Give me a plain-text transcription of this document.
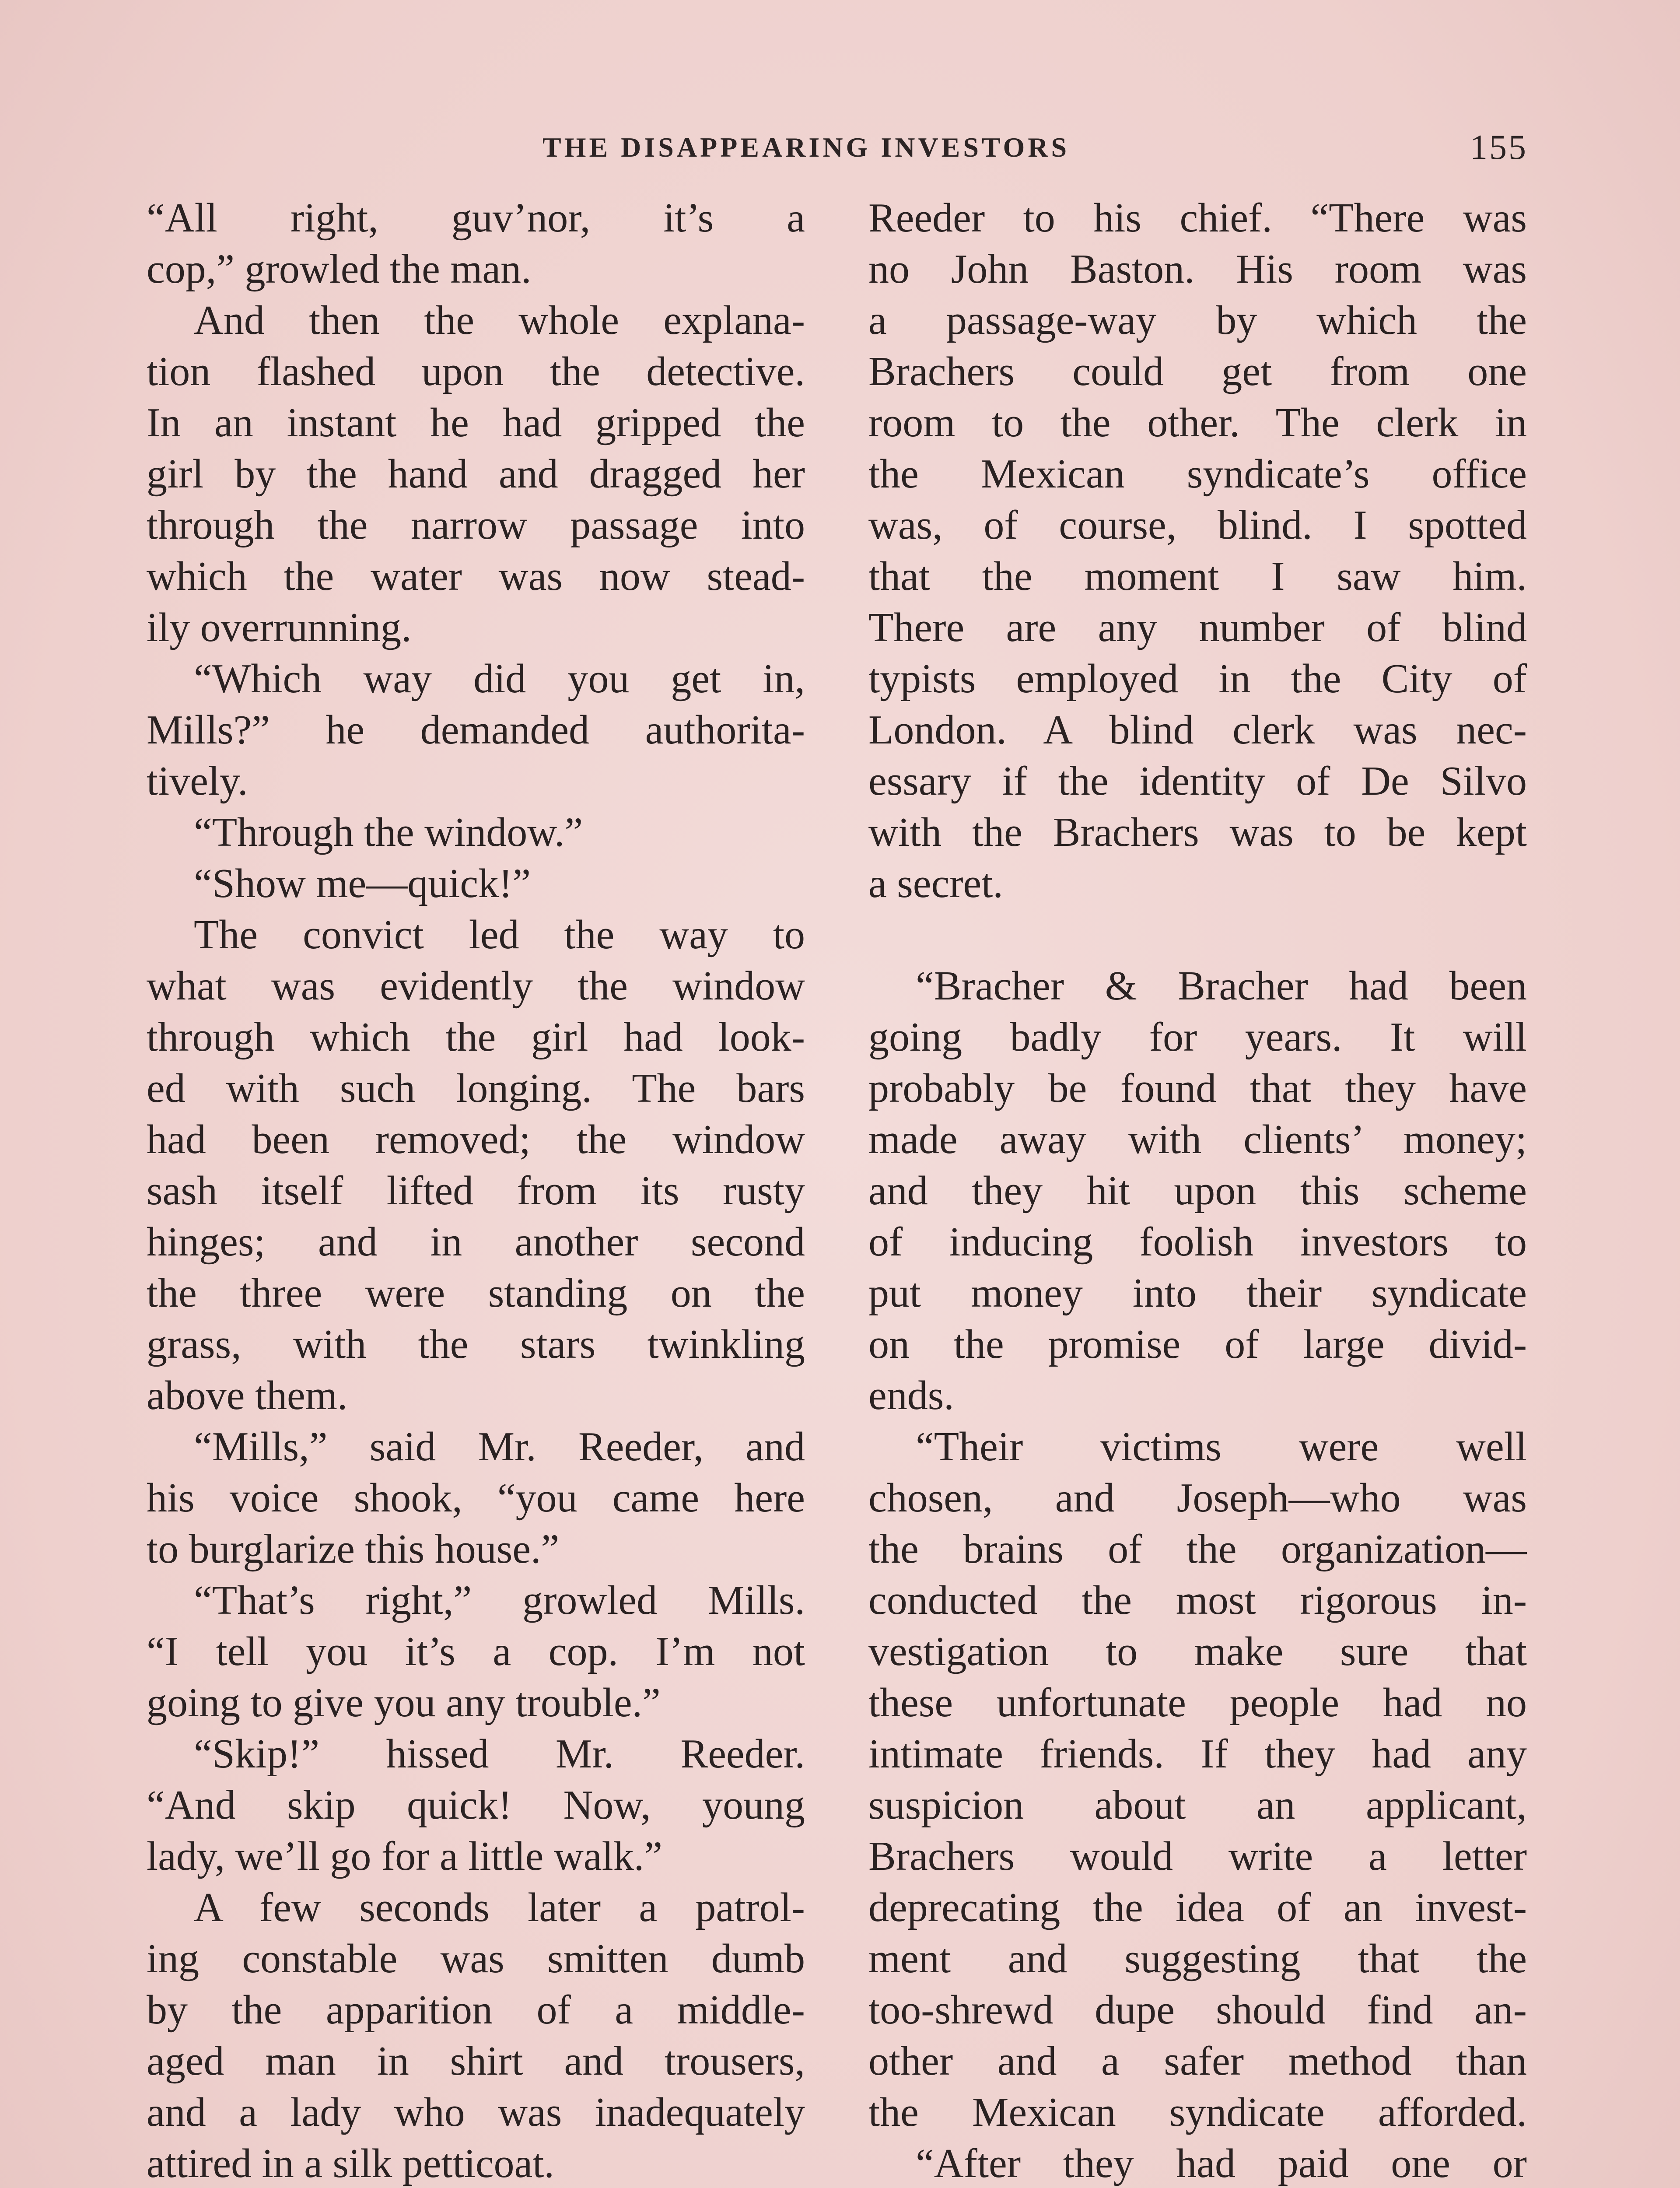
THE DISAPPEARING INVESTORS	155
“All right, guv’nor, it’s a
cop,” growled the man.
And then the whole explana-
tion flashed upon the detective.
In an instant he had gripped the
girl by the hand and dragged her
through the narrow passage into
which the water was now stead-
ily overrunning.
“Which way did you get in,
Mills?” he demanded authorita-
tively.
“Through the window.”
“Show me—quick!”
The convict led the way to
what was evidently the window
through which the girl had look-
ed with such longing. The bars
had been removed; the window
sash itself lifted from its rusty
hinges; and in another second
the three were standing on the
grass, with the stars twinkling
above them.
“Mills,” said Mr. Reeder, and
his voice shook, “you came here
to burglarize this house.”
“That’s right,” growled Mills.
“I tell you it’s a cop. I’m not
going to give you any trouble.”
“Skip!” hissed Mr. Reeder.
“And skip quick! Now, young
lady, we’ll go for a little walk.”
A few seconds later a patrol-
ing constable was smitten dumb
by the apparition of a middle-
aged man in shirt and trousers,
and a lady who was inadequately
attired in a silk petticoat.
Reeder to his chief. “There was
no John Baston. His room was
a passage-way by which the
Brachers could get from one
room to the other. The clerk in
the Mexican syndicate’s office
was, of course, blind. I spotted
that the moment I saw him.
There are any number of blind
typists employed in the City of
London. A blind clerk was nec-
essary if the identity of De Silvo
with the Brachers was to be kept
a secret.
“Bracher & Bracher had been
going badly for years. It will
probably be found that they have
made away with clients’ money;
and they hit upon this scheme
of inducing foolish investors to
put money into their syndicate
on the promise of large divid-
ends.
“Their victims were well
chosen, and Joseph—who was
the brains of the organization—
conducted the most rigorous in-
vestigation to make sure that
these unfortunate people had no
intimate friends. If they had any
suspicion about an applicant,
Brachers would write a letter
deprecating the idea of an invest-
ment and suggesting that the
too-shrewd dupe should find an-
other and a safer method than
the Mexican syndicate afforded.
“After they had paid one or
